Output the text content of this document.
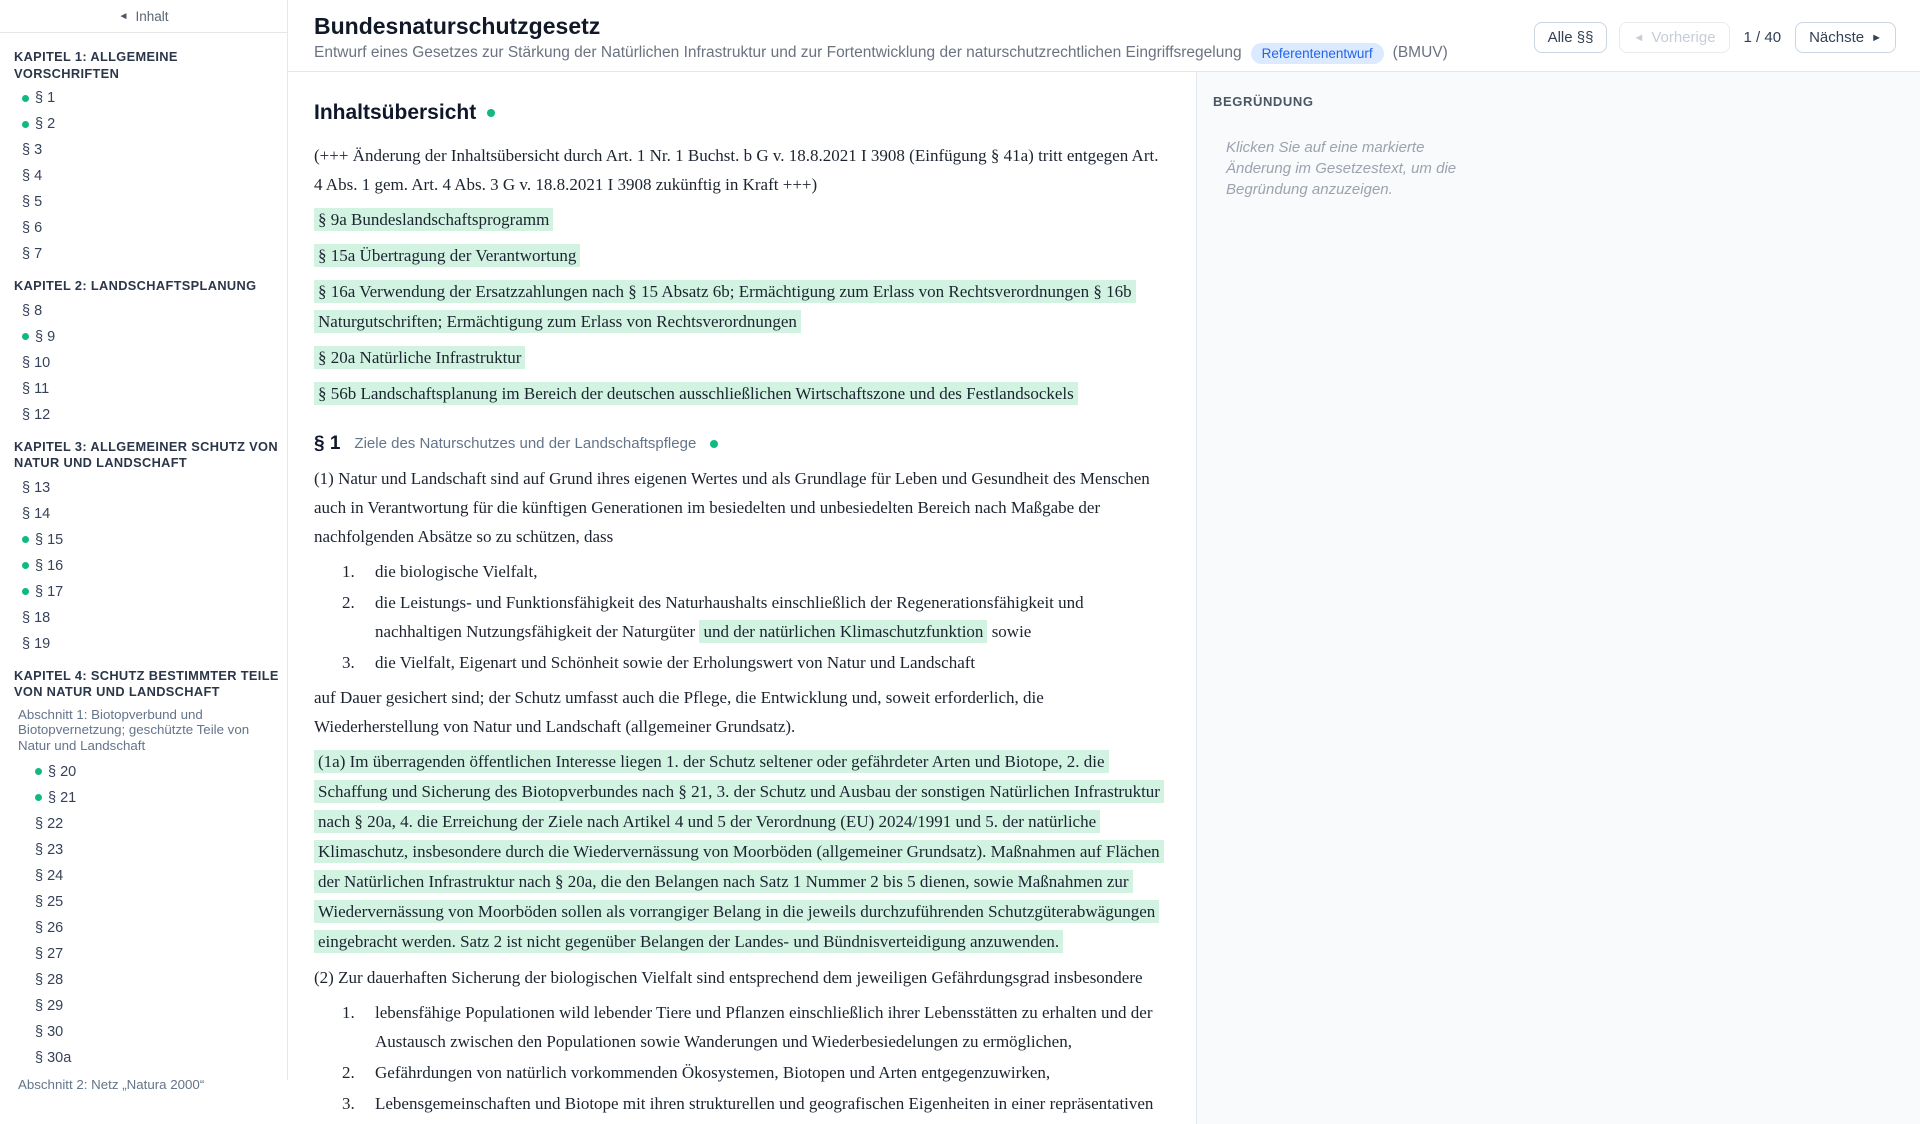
◄ Inhalt
KAPITEL 1: ALLGEMEINE VORSCHRIFTEN
§ 1
§ 2
§ 3
§ 4
§ 5
§ 6
§ 7
KAPITEL 2: LANDSCHAFTSPLANUNG
§ 8
§ 9
§ 10
§ 11
§ 12
KAPITEL 3: ALLGEMEINER SCHUTZ VON NATUR UND LANDSCHAFT
§ 13
§ 14
§ 15
§ 16
§ 17
§ 18
§ 19
KAPITEL 4: SCHUTZ BESTIMMTER TEILE VON NATUR UND LANDSCHAFT
Abschnitt 1: Biotopverbund und Biotopvernetzung; geschützte Teile von Natur und Landschaft
§ 20
§ 21
§ 22
§ 23
§ 24
§ 25
§ 26
§ 27
§ 28
§ 29
§ 30
§ 30a
Abschnitt 2: Netz „Natura 2000“
Bundesnaturschutzgesetz
Entwurf eines Gesetzes zur Stärkung der Natürlichen Infrastruktur und zur Fortentwicklung der naturschutzrechtlichen Eingriffsregelung	Referentenentwurf	(BMUV)
Alle §§	◄ Vorherige 1 / 40 Nächste ►
Inhaltsübersicht

(+++ Änderung der Inhaltsübersicht durch Art. 1 Nr. 1 Buchst. b G v. 18.8.2021 I 3908 (Einfügung § 41a) tritt entgegen Art. 4 Abs. 1 gem. Art. 4 Abs. 3 G v. 18.8.2021 I 3908 zukünftig in Kraft +++)

§ 9a Bundeslandschaftsprogramm

§ 15a Übertragung der Verantwortung

§ 16a Verwendung der Ersatzzahlungen nach § 15 Absatz 6b; Ermächtigung zum Erlass von Rechtsverordnungen § 16b Naturgutschriften; Ermächtigung zum Erlass von Rechtsverordnungen

§ 20a Natürliche Infrastruktur

§ 56b Landschaftsplanung im Bereich der deutschen ausschließlichen Wirtschaftszone und des Festlandsockels

§ 1 Ziele des Naturschutzes und der Landschaftspflege

(1) Natur und Landschaft sind auf Grund ihres eigenen Wertes und als Grundlage für Leben und Gesundheit des Menschen auch in Verantwortung für die künftigen Generationen im besiedelten und unbesiedelten Bereich nach Maßgabe der nachfolgenden Absätze so zu schützen, dass

die biologische Vielfalt,
die Leistungs- und Funktionsfähigkeit des Naturhaushalts einschließlich der Regenerationsfähigkeit und nachhaltigen Nutzungsfähigkeit der Naturgüter und der natürlichen Klimaschutzfunktion sowie
die Vielfalt, Eigenart und Schönheit sowie der Erholungswert von Natur und Landschaft

auf Dauer gesichert sind; der Schutz umfasst auch die Pflege, die Entwicklung und, soweit erforderlich, die Wiederherstellung von Natur und Landschaft (allgemeiner Grundsatz).

(1a) Im überragenden öffentlichen Interesse liegen 1. der Schutz seltener oder gefährdeter Arten und Biotope, 2. die Schaffung und Sicherung des Biotopverbundes nach § 21, 3. der Schutz und Ausbau der sonstigen Natürlichen Infrastruktur nach § 20a, 4. die Erreichung der Ziele nach Artikel 4 und 5 der Verordnung (EU) 2024/1991 und 5. der natürliche Klimaschutz, insbesondere durch die Wiedervernässung von Moorböden (allgemeiner Grundsatz). Maßnahmen auf Flächen der Natürlichen Infrastruktur nach § 20a, die den Belangen nach Satz 1 Nummer 2 bis 5 dienen, sowie Maßnahmen zur Wiedervernässung von Moorböden sollen als vorrangiger Belang in die jeweils durchzuführenden Schutzgüterabwägungen eingebracht werden. Satz 2 ist nicht gegenüber Belangen der Landes- und Bündnisverteidigung anzuwenden.

(2) Zur dauerhaften Sicherung der biologischen Vielfalt sind entsprechend dem jeweiligen Gefährdungsgrad insbesondere

lebensfähige Populationen wild lebender Tiere und Pflanzen einschließlich ihrer Lebensstätten zu erhalten und der Austausch zwischen den Populationen sowie Wanderungen und Wiederbesiedelungen zu ermöglichen,
Gefährdungen von natürlich vorkommenden Ökosystemen, Biotopen und Arten entgegenzuwirken,
Lebensgemeinschaften und Biotope mit ihren strukturellen und geografischen Eigenheiten in einer repräsentativen
BEGRÜNDUNG
Klicken Sie auf eine markierte Änderung im Gesetzestext, um die Begründung anzuzeigen.
